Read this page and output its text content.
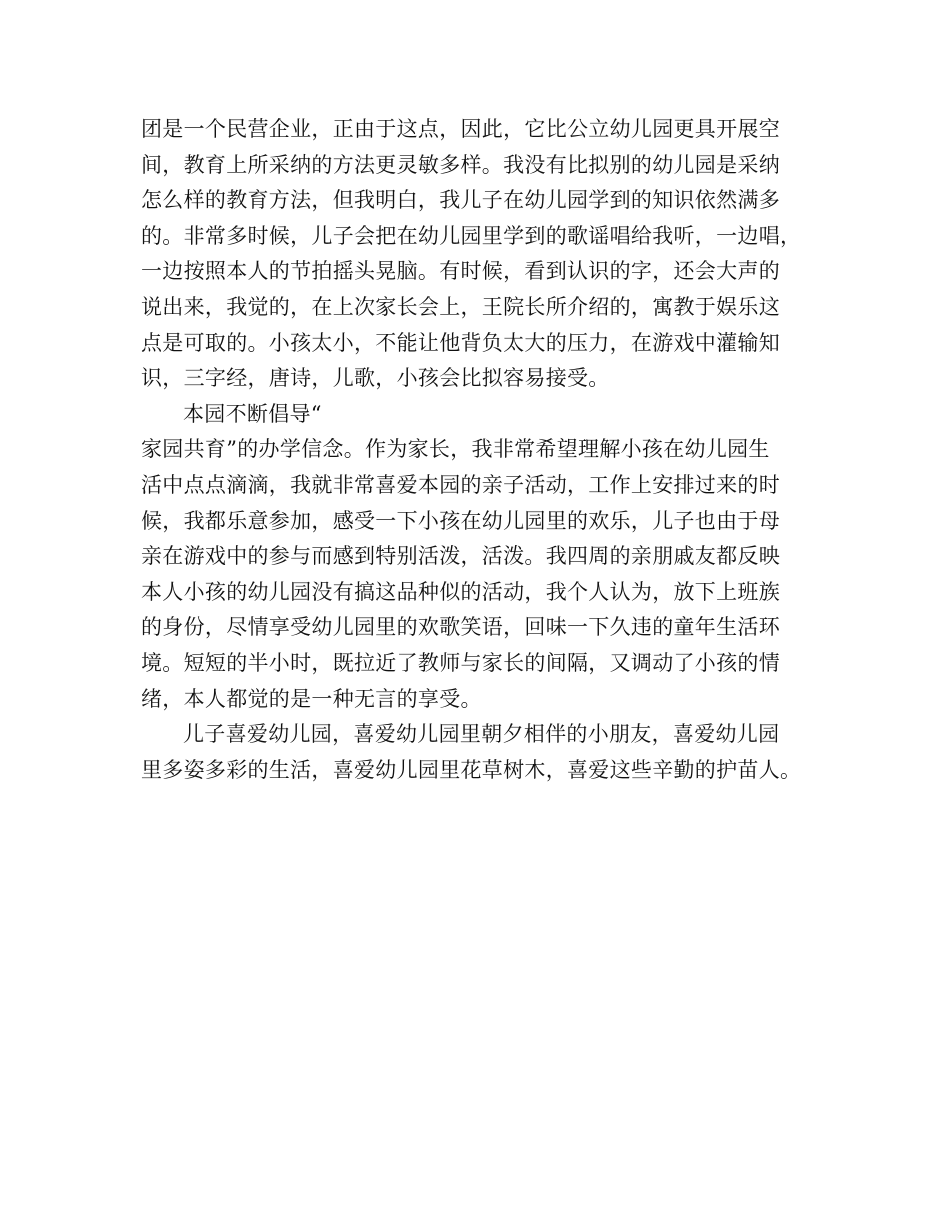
团是一个民营企业，正由于这点，因此，它比公立幼儿园更具开展空
间，教育上所采纳的方法更灵敏多样。我没有比拟别的幼儿园是采纳
怎么样的教育方法，但我明白，我儿子在幼儿园学到的知识依然满多
的。非常多时候，儿子会把在幼儿园里学到的歌谣唱给我听，一边唱，
一边按照本人的节拍摇头晃脑。有时候，看到认识的字，还会大声的
说出来，我觉的，在上次家长会上，王院长所介绍的，寓教于娱乐这
点是可取的。小孩太小，不能让他背负太大的压力，在游戏中灌输知
识，三字经，唐诗，儿歌，小孩会比拟容易接受。
本园不断倡导“
家园共育”的办学信念。作为家长，我非常希望理解小孩在幼儿园生
活中点点滴滴，我就非常喜爱本园的亲子活动，工作上安排过来的时
候，我都乐意参加，感受一下小孩在幼儿园里的欢乐，儿子也由于母
亲在游戏中的参与而感到特别活泼，活泼。我四周的亲朋戚友都反映
本人小孩的幼儿园没有搞这品种似的活动，我个人认为，放下上班族
的身份，尽情享受幼儿园里的欢歌笑语，回味一下久违的童年生活环
境。短短的半小时，既拉近了教师与家长的间隔，又调动了小孩的情
绪，本人都觉的是一种无言的享受。
儿子喜爱幼儿园，喜爱幼儿园里朝夕相伴的小朋友，喜爱幼儿园
里多姿多彩的生活，喜爱幼儿园里花草树木，喜爱这些辛勤的护苗人。
